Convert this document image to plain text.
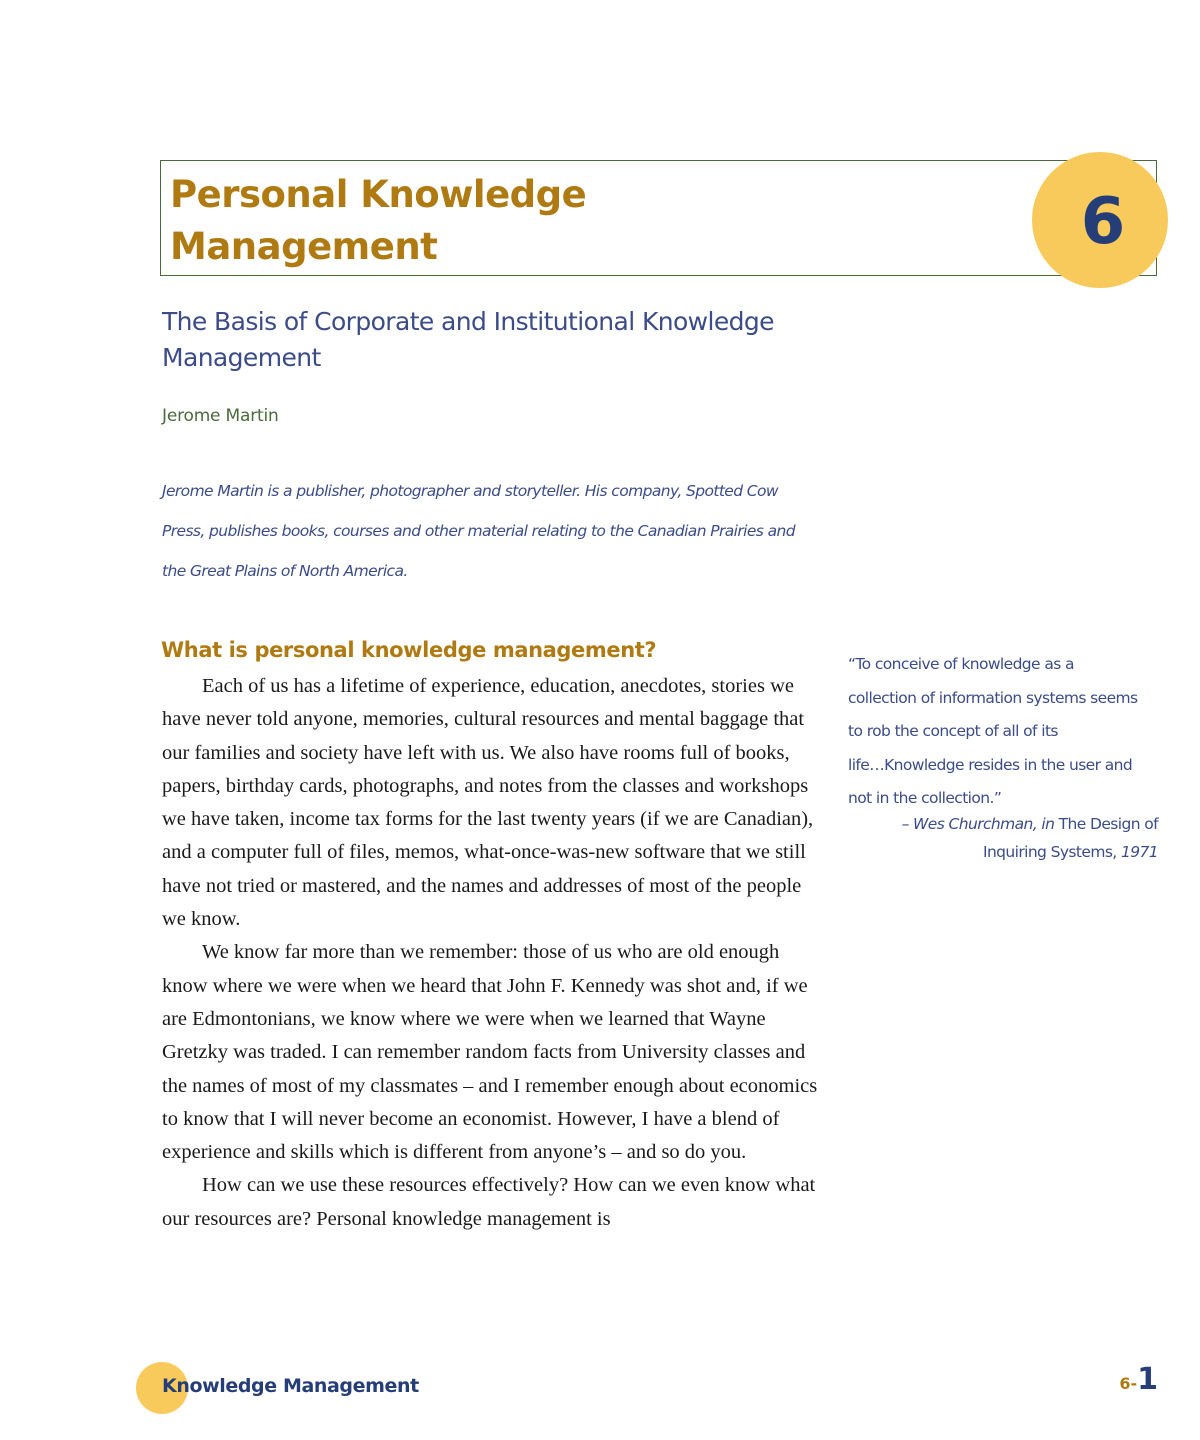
Personal Knowledge
Management	6
The Basis of Corporate and Institutional Knowledge
Management

Jerome Martin

Jerome Martin is a publisher, photographer and storyteller. His company, Spotted Cow
Press, publishes books, courses and other material relating to the Canadian Prairies and
the Great Plains of North America.

What is personal knowledge management?

Each of us has a lifetime of experience, education, anecdotes, stories we have never told anyone, memories, cultural resources and mental baggage that our families and society have left with us. We also have rooms full of books, papers, birthday cards, photographs, and notes from the classes and workshops we have taken, income tax forms for the last twenty years (if we are Canadian), and a computer full of files, memos, what-once-was-new software that we still have not tried or mastered, and the names and addresses of most of the people we know.

We know far more than we remember: those of us who are old enough know where we were when we heard that John F. Kennedy was shot and, if we are Edmontonians, we know where we were when we learned that Wayne Gretzky was traded. I can remember random facts from University classes and the names of most of my classmates – and I remember enough about economics to know that I will never become an economist. However, I have a blend of experience and skills which is different from anyone’s – and so do you.

How can we use these resources effectively? How can we even know what our resources are? Personal knowledge management is

“To conceive of knowledge as a
collection of information systems seems
to rob the concept of all of its
life…Knowledge resides in the user and
not in the collection.”

– Wes Churchman, in The Design of
Inquiring Systems, 1971

Knowledge Management	6-1
